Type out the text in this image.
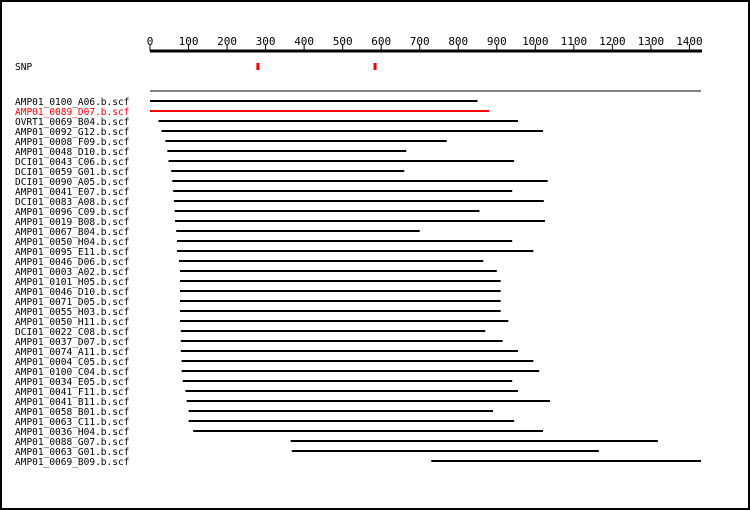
0 100 200 300 400 500 600 700 800 900 1000 1100 1200 1300 1400
SNP
AMP01_0100_A06.b.scf
AMP01_0089_D07.b.scf
OVRT1_0069_B04.b.scf
AMP01_0092_G12.b.scf
AMP01_0008_F09.b.scf
AMP01_0048_D10.b.scf
DCI01_0043_C06.b.scf
DCI01_0059_G01.b.scf
DCI01_0090_A05.b.scf
AMP01_0041_E07.b.scf
DCI01_0083_A08.b.scf
AMP01_0096_C09.b.scf
AMP01_0019_B08.b.scf
AMP01_0067_B04.b.scf
AMP01_0050_H04.b.scf
AMP01_0095_E11.b.scf
AMP01_0046_D06.b.scf
AMP01_0003_A02.b.scf
AMP01_0101_H05.b.scf
AMP01_0046_D10.b.scf
AMP01_0071_D05.b.scf
AMP01_0055_H03.b.scf
AMP01_0050_H11.b.scf
DCI01_0022_C08.b.scf
AMP01_0037_D07.b.scf
AMP01_0074_A11.b.scf
AMP01_0004_C05.b.scf
AMP01_0100_C04.b.scf
AMP01_0034_E05.b.scf
AMP01_0041_F11.b.scf
AMP01_0041_B11.b.scf
AMP01_0058_B01.b.scf
AMP01_0063_C11.b.scf
AMP01_0036_H04.b.scf
AMP01_0088_G07.b.scf
AMP01_0063_G01.b.scf
AMP01_0069_B09.b.scf
